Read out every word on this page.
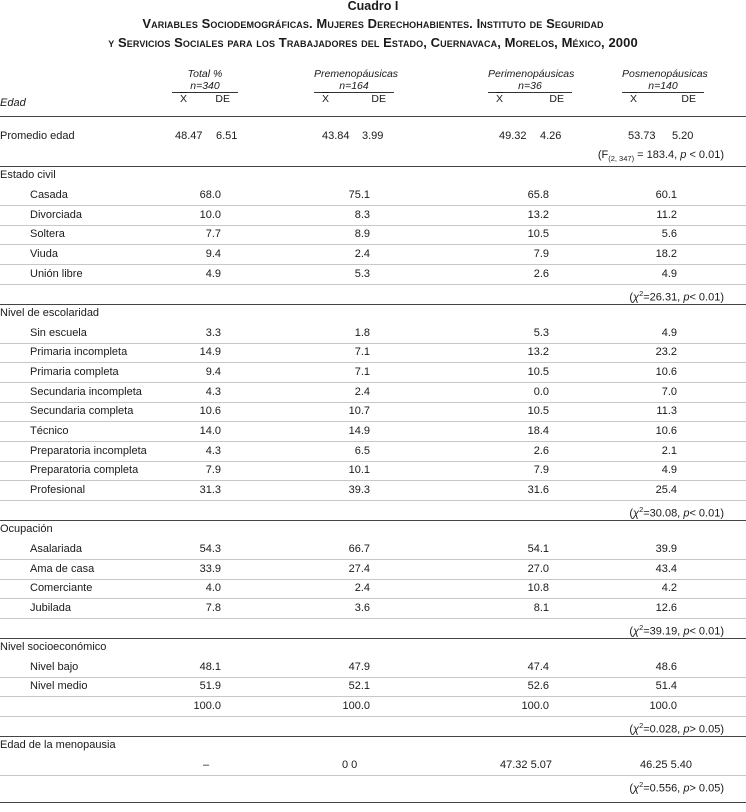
Cuadro I
Variables Sociodemográficas. Mujeres Derechohabientes. Instituto de Seguridad
y Servicios Sociales para los Trabajadores del Estado, Cuernavaca, Morelos, México, 2000
Total %
n=340
$\overline{X}$	DE
Premenopáusicas
n=164
$\overline{X}$	DE
Perimenopáusicas
n=36
$\overline{X}$	DE
Posmenopáusicas
n=140
$\overline{X}$	DE
Edad
Promedio edad	48.47 6.51	43.84 3.99	49.32 4.26	53.73 5.20
($F_{(2, 347)} = 183.4$, p < 0.01)
Estado civil
Casada	68.0	75.1	65.8	60.1
Divorciada	10.0	8.3	13.2	11.2
Soltera	7.7	8.9	10.5	5.6
Viuda	9.4	2.4	7.9	18.2
Unión libre	4.9	5.3	2.6	4.9
($\chi^2=26.31$, p< 0.01)
Nivel de escolaridad
Sin escuela	3.3	1.8	5.3	4.9
Primaria incompleta	14.9	7.1	13.2	23.2
Primaria completa	9.4	7.1	10.5	10.6
Secundaria incompleta	4.3	2.4	0.0	7.0
Secundaria completa	10.6	10.7	10.5	11.3
Técnico	14.0	14.9	18.4	10.6
Preparatoria incompleta	4.3	6.5	2.6	2.1
Preparatoria completa	7.9	10.1	7.9	4.9
Profesional	31.3	39.3	31.6	25.4
($\chi^2=30.08$, p< 0.01)
Ocupación
Asalariada	54.3	66.7	54.1	39.9
Ama de casa	33.9	27.4	27.0	43.4
Comerciante	4.0	2.4	10.8	4.2
Jubilada	7.8	3.6	8.1	12.6
($\chi^2=39.19$, p< 0.01)
Nivel socioeconómico
Nivel bajo	48.1	47.9	47.4	48.6
Nivel medio	51.9	52.1	52.6	51.4
100.0	100.0	100.0	100.0
($\chi^2=0.028$, p> 0.05)
Edad de la menopausia
–	0 0	47.32 5.07	46.25 5.40
($\chi^2=0.556$, p> 0.05)
